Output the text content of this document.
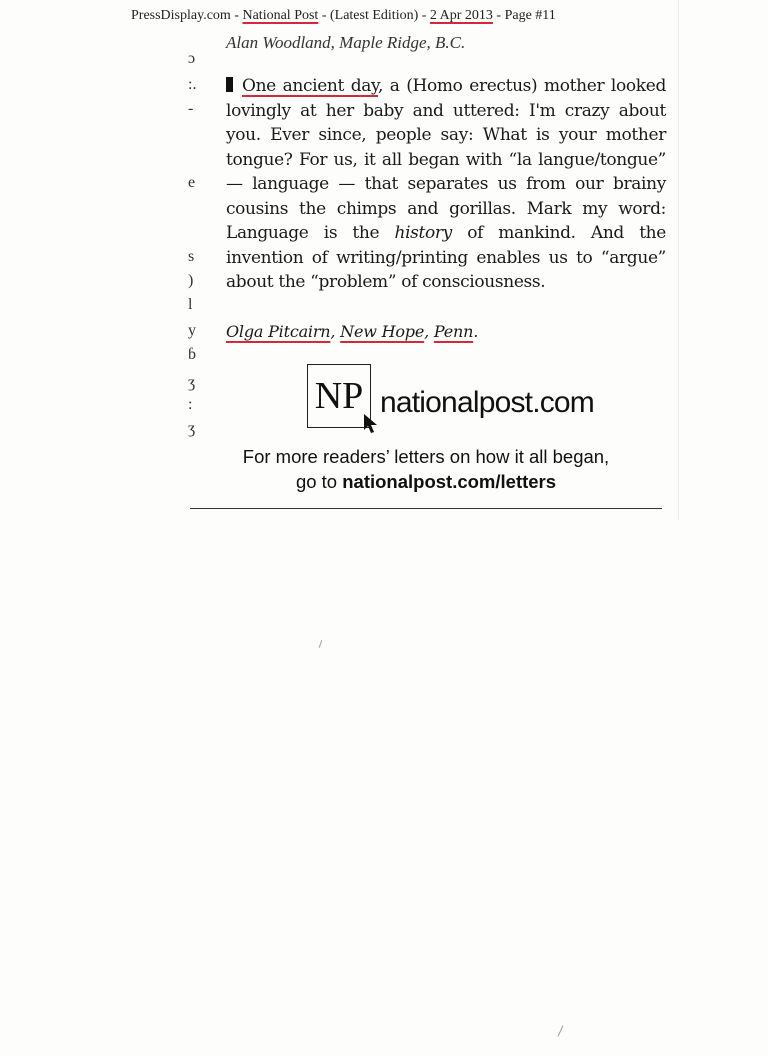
PressDisplay.com - National Post - (Latest Edition) - 2 Apr 2013 - Page #11
Alan Woodland, Maple Ridge, B.C.
ɔ
:.
-
e
s
)
l
y
ɓ
ʒ
:
ʒ
One ancient day, a (Homo erectus) mother looked lovingly at her baby and uttered: I'm crazy about you. Ever since, people say: What is your mother tongue? For us, it all began with “la langue/tongue” — language — that separates us from our brainy cousins the chimps and gorillas. Mark my word: Language is the history of mankind. And the invention of writing/printing enables us to “argue” about the “problem” of consciousness.
Olga Pitcairn, New Hope, Penn.
NP nationalpost.com
For more readers’ letters on how it all began,
go to nationalpost.com/letters
